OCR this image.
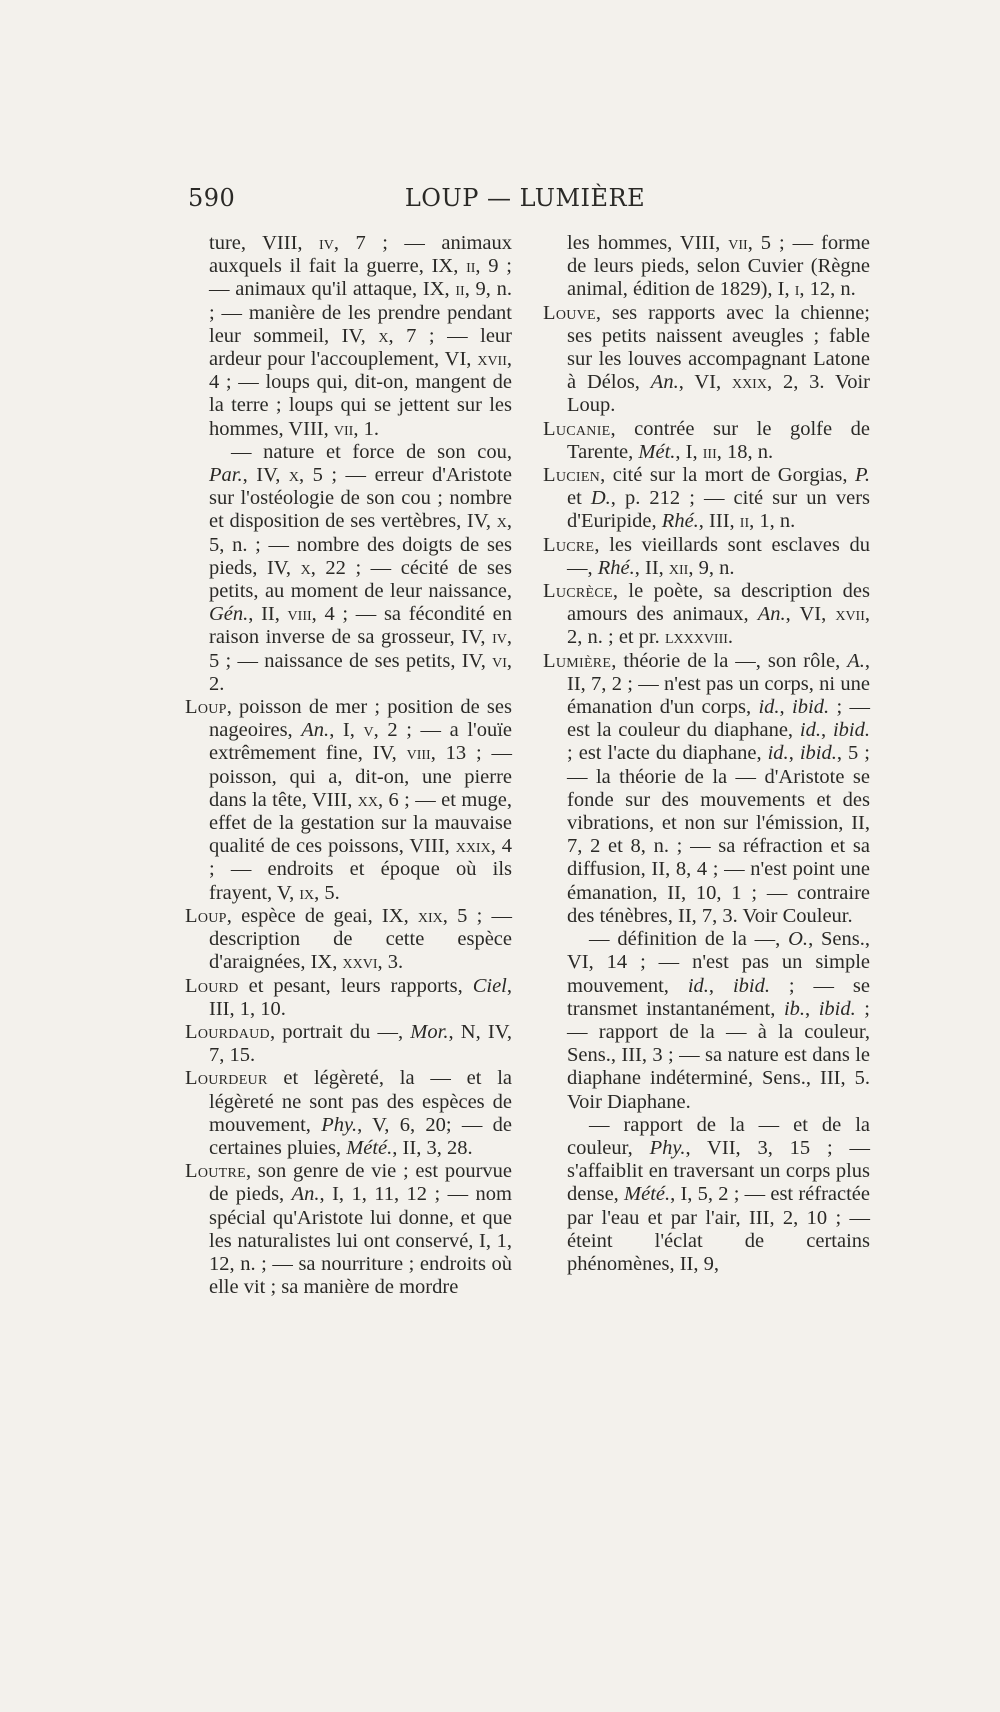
590	LOUP — LUMIÈRE

ture, VIII, iv, 7 ; — animaux auxquels il fait la guerre, IX, ii, 9 ; — animaux qu'il attaque, IX, ii, 9, n. ; — manière de les prendre pendant leur sommeil, IV, x, 7 ; — leur ardeur pour l'accouplement, VI, xvii, 4 ; — loups qui, dit-on, mangent de la terre ; loups qui se jettent sur les hommes, VIII, vii, 1.

— nature et force de son cou, Par., IV, x, 5 ; — erreur d'Aristote sur l'ostéologie de son cou ; nombre et disposition de ses vertèbres, IV, x, 5, n. ; — nombre des doigts de ses pieds, IV, x, 22 ; — cécité de ses petits, au moment de leur naissance, Gén., II, viii, 4 ; — sa fécondité en raison inverse de sa grosseur, IV, iv, 5 ; — naissance de ses petits, IV, vi, 2.

Loup, poisson de mer ; position de ses nageoires, An., I, v, 2 ; — a l'ouïe extrêmement fine, IV, viii, 13 ; — poisson, qui a, dit-on, une pierre dans la tête, VIII, xx, 6 ; — et muge, effet de la gestation sur la mauvaise qualité de ces poissons, VIII, xxix, 4 ; — endroits et époque où ils frayent, V, ix, 5.

Loup, espèce de geai, IX, xix, 5 ; — description de cette espèce d'araignées, IX, xxvi, 3.

Lourd et pesant, leurs rapports, Ciel, III, 1, 10.

Lourdaud, portrait du —, Mor., N, IV, 7, 15.

Lourdeur et légèreté, la — et la légèreté ne sont pas des espèces de mouvement, Phy., V, 6, 20; — de certaines pluies, Mété., II, 3, 28.

Loutre, son genre de vie ; est pourvue de pieds, An., I, 1, 11, 12 ; — nom spécial qu'Aristote lui donne, et que les naturalistes lui ont conservé, I, 1, 12, n. ; — sa nourriture ; endroits où elle vit ; sa manière de mordre

les hommes, VIII, vii, 5 ; — forme de leurs pieds, selon Cuvier (Règne animal, édition de 1829), I, i, 12, n.

Louve, ses rapports avec la chienne; ses petits naissent aveugles ; fable sur les louves accompagnant Latone à Délos, An., VI, xxix, 2, 3. Voir Loup.

Lucanie, contrée sur le golfe de Tarente, Mét., I, iii, 18, n.

Lucien, cité sur la mort de Gorgias, P. et D., p. 212 ; — cité sur un vers d'Euripide, Rhé., III, ii, 1, n.

Lucre, les vieillards sont esclaves du —, Rhé., II, xii, 9, n.

Lucrèce, le poète, sa description des amours des animaux, An., VI, xvii, 2, n. ; et pr. lxxxviii.

Lumière, théorie de la —, son rôle, A., II, 7, 2 ; — n'est pas un corps, ni une émanation d'un corps, id., ibid. ; — est la couleur du diaphane, id., ibid. ; est l'acte du diaphane, id., ibid., 5 ; — la théorie de la — d'Aristote se fonde sur des mouvements et des vibrations, et non sur l'émission, II, 7, 2 et 8, n. ; — sa réfraction et sa diffusion, II, 8, 4 ; — n'est point une émanation, II, 10, 1 ; — contraire des ténèbres, II, 7, 3. Voir Couleur.

— définition de la —, O., Sens., VI, 14 ; — n'est pas un simple mouvement, id., ibid. ; — se transmet instantanément, ib., ibid. ; — rapport de la — à la couleur, Sens., III, 3 ; — sa nature est dans le diaphane indéterminé, Sens., III, 5. Voir Diaphane.

— rapport de la — et de la couleur, Phy., VII, 3, 15 ; — s'affaiblit en traversant un corps plus dense, Mété., I, 5, 2 ; — est réfractée par l'eau et par l'air, III, 2, 10 ; — éteint l'éclat de certains phénomènes, II, 9,
